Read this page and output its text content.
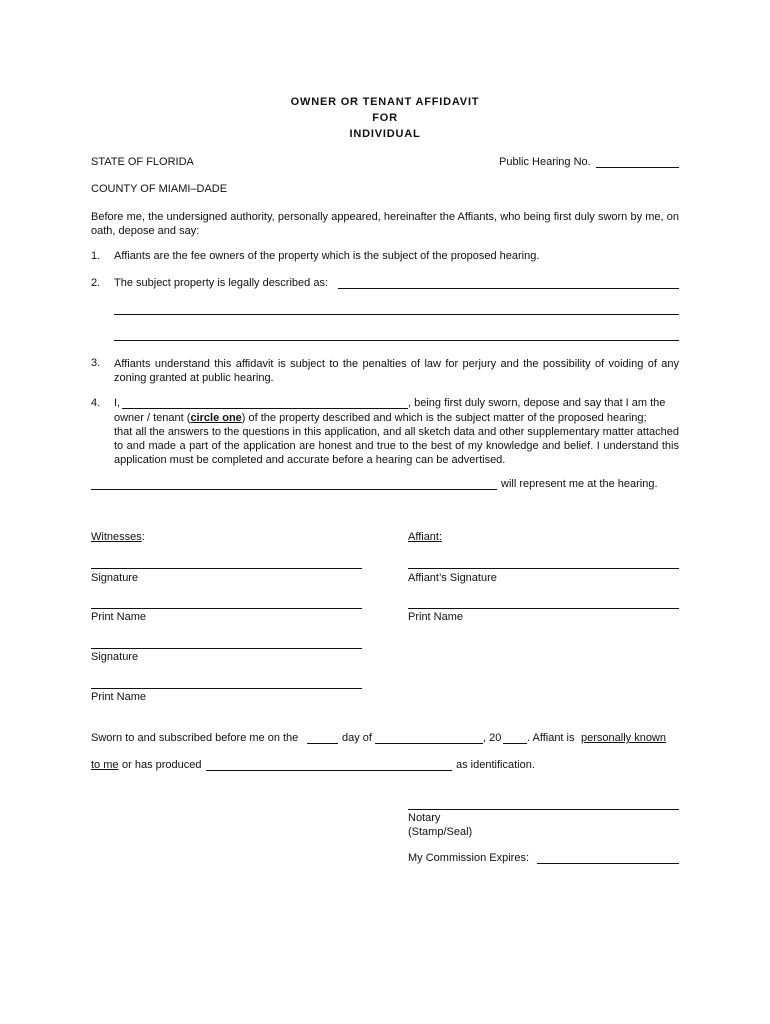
OWNER OR TENANT AFFIDAVIT
FOR
INDIVIDUAL
STATE OF FLORIDA	Public Hearing No.
COUNTY OF MIAMI–DADE
Before me, the undersigned authority, personally appeared, hereinafter the Affiants, who being first duly sworn by me, on oath, depose and say:
1. Affiants are the fee owners of the property which is the subject of the proposed hearing.
2. The subject property is legally described as:
3. Affiants understand this affidavit is subject to the penalties of law for perjury and the possibility of voiding of any zoning granted at public hearing.
4. I,	, being first duly sworn, depose and say that I am the
owner / tenant (circle one) of the property described and which is the subject matter of the proposed hearing;
that all the answers to the questions in this application, and all sketch data and other supplementary matter attached to and made a part of the application are honest and true to the best of my knowledge and belief. I understand this application must be completed and accurate before a hearing can be advertised.
will represent me at the hearing.
Witnesses:	Affiant:
Signature	Affiant’s Signature
Print Name	Print Name
Signature
Print Name
Sworn to and subscribed before me on the	day of	, 20 . Affiant is personally known
to me or has produced	as identification.
Notary
(Stamp/Seal)
My Commission Expires:
